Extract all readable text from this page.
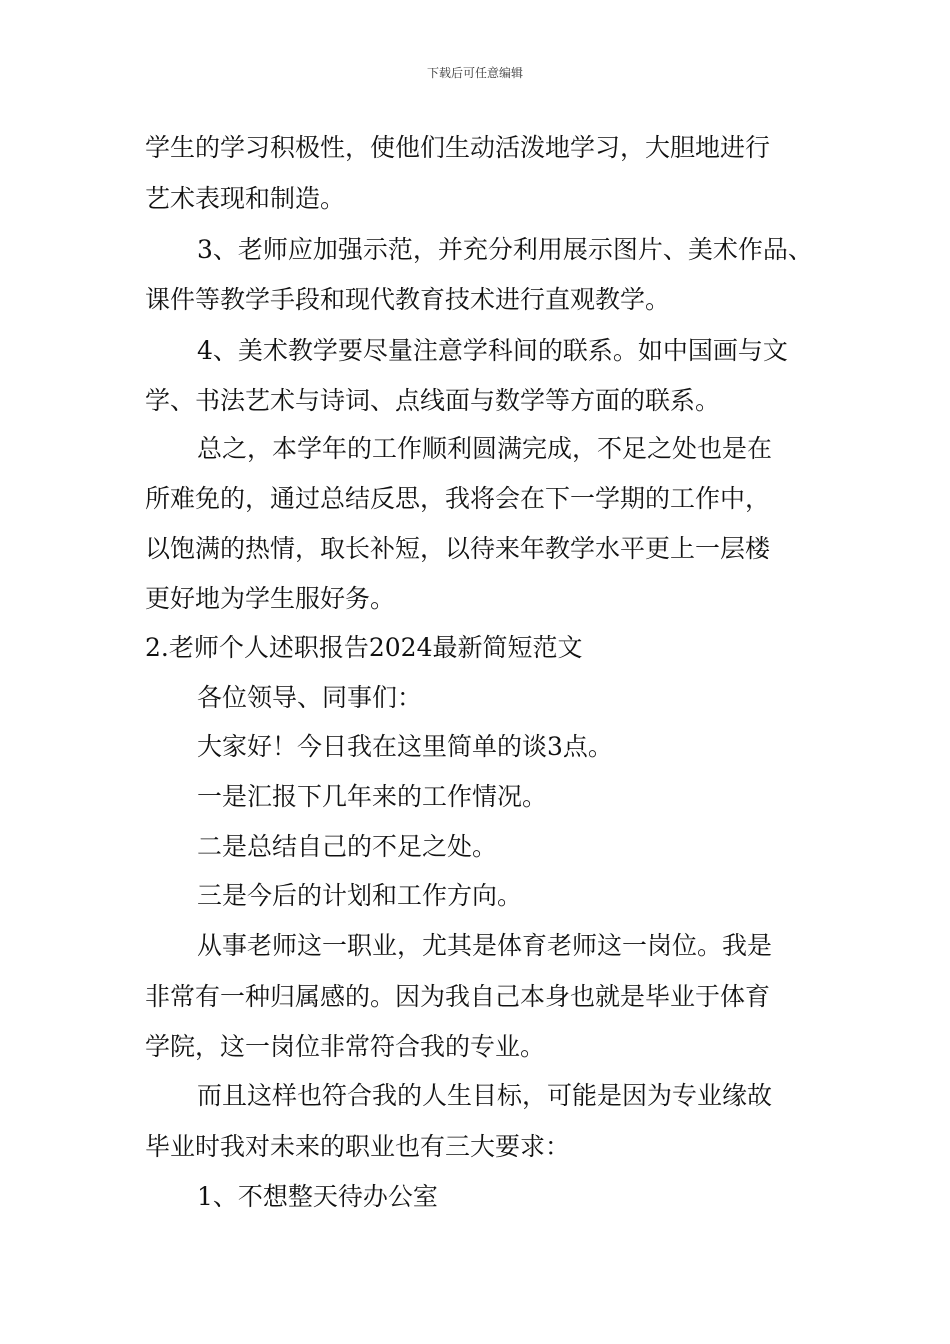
下载后可任意编辑
学生的学习积极性，使他们生动活泼地学习，大胆地进行
艺术表现和制造。
3、老师应加强示范，并充分利用展示图片、美术作品、
课件等教学手段和现代教育技术进行直观教学。
4、美术教学要尽量注意学科间的联系。如中国画与文
学、书法艺术与诗词、点线面与数学等方面的联系。
总之，本学年的工作顺利圆满完成，不足之处也是在
所难免的，通过总结反思，我将会在下一学期的工作中，
以饱满的热情，取长补短，以待来年教学水平更上一层楼
更好地为学生服好务。
2.老师个人述职报告2024最新简短范文
各位领导、同事们：
大家好！今日我在这里简单的谈3点。
一是汇报下几年来的工作情况。
二是总结自己的不足之处。
三是今后的计划和工作方向。
从事老师这一职业，尤其是体育老师这一岗位。我是
非常有一种归属感的。因为我自己本身也就是毕业于体育
学院，这一岗位非常符合我的专业。
而且这样也符合我的人生目标，可能是因为专业缘故
毕业时我对未来的职业也有三大要求：
1、不想整天待办公室
